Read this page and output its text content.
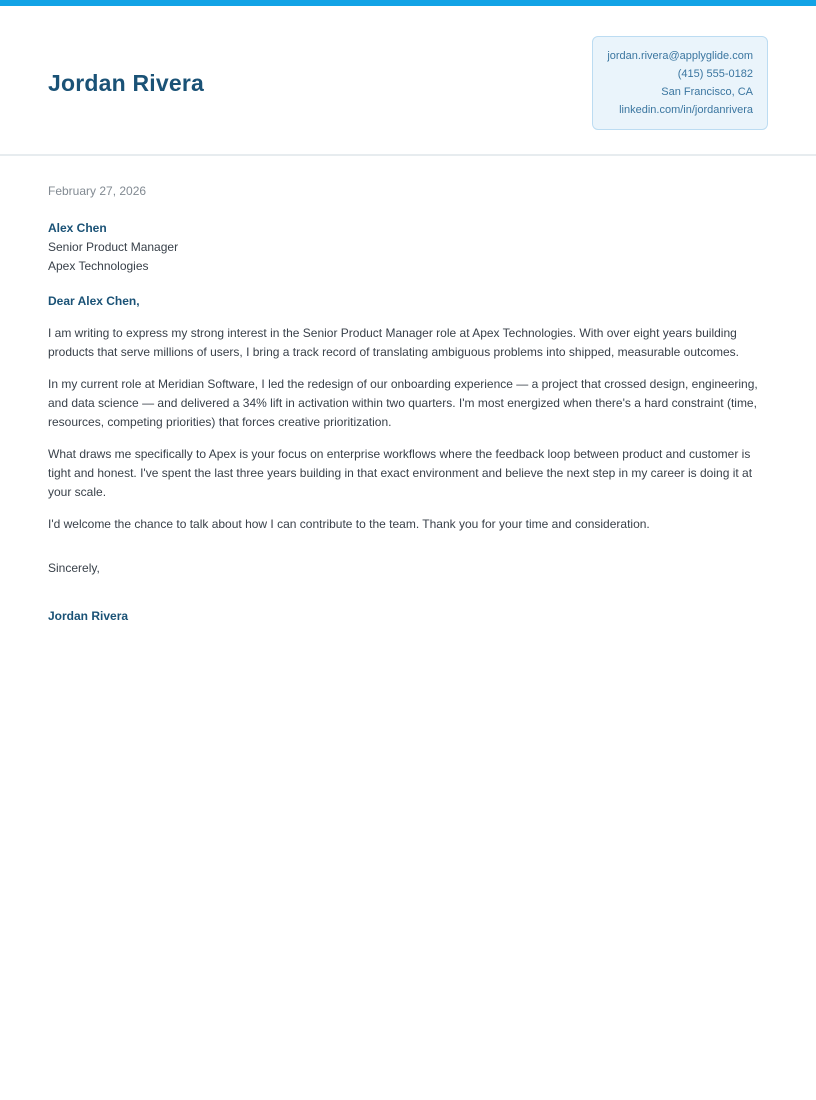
Jordan Rivera
jordan.rivera@applyglide.com
(415) 555-0182
San Francisco, CA
linkedin.com/in/jordanrivera

February 27, 2026

Alex Chen
Senior Product Manager
Apex Technologies
Dear Alex Chen,

I am writing to express my strong interest in the Senior Product Manager role at Apex Technologies. With over eight years building products that serve millions of users, I bring a track record of translating ambiguous problems into shipped, measurable outcomes.

In my current role at Meridian Software, I led the redesign of our onboarding experience — a project that crossed design, engineering, and data science — and delivered a 34% lift in activation within two quarters. I'm most energized when there's a hard constraint (time, resources, competing priorities) that forces creative prioritization.

What draws me specifically to Apex is your focus on enterprise workflows where the feedback loop between product and customer is tight and honest. I've spent the last three years building in that exact environment and believe the next step in my career is doing it at your scale.

I'd welcome the chance to talk about how I can contribute to the team. Thank you for your time and consideration.

Sincerely,
Jordan Rivera
